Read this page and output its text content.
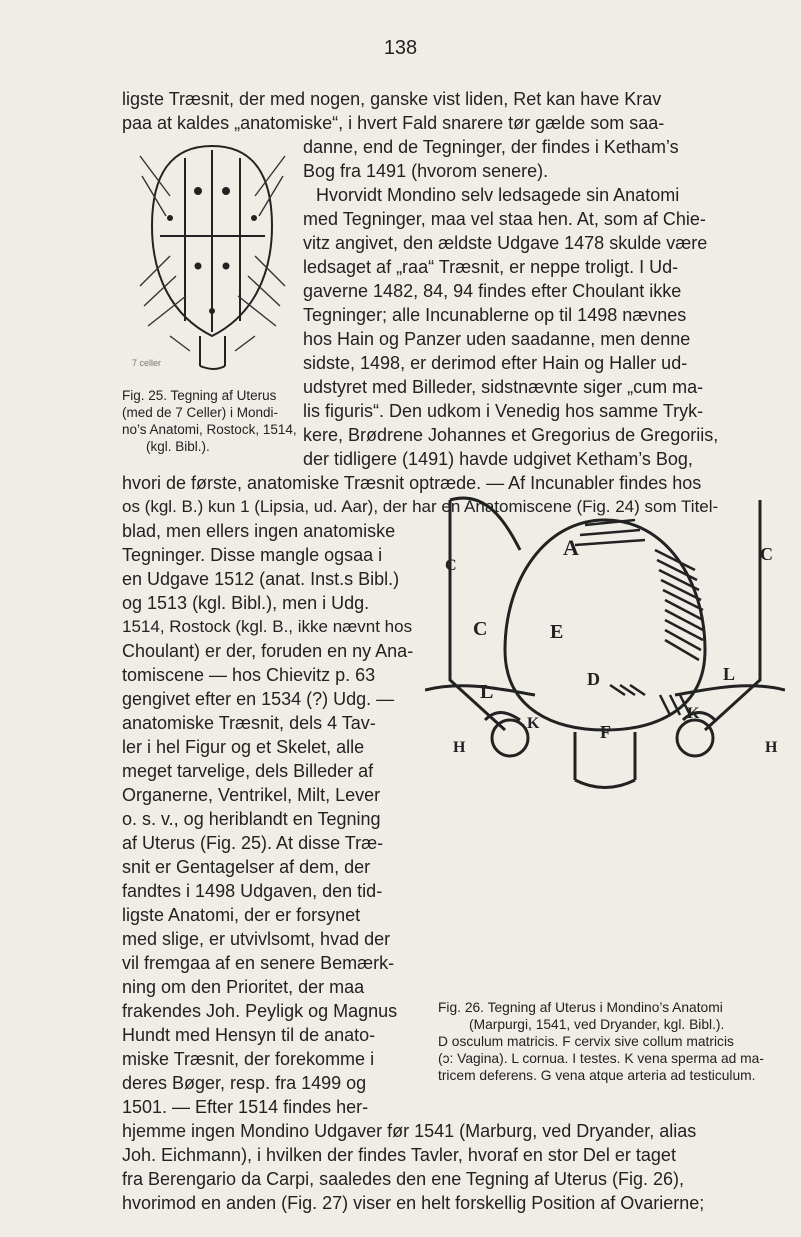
138
ligste Træsnit, der med nogen, ganske vist liden, Ret kan have Krav
paa at kaldes „anatomiske“, i hvert Fald snarere tør gælde som saa-
danne, end de Tegninger, der findes i Ketham’s
Bog fra 1491 (hvorom senere).
Hvorvidt Mondino selv ledsagede sin Anatomi
med Tegninger, maa vel staa hen. At, som af Chie-
vitz angivet, den ældste Udgave 1478 skulde være
ledsaget af „raa“ Træsnit, er neppe troligt. I Ud-
gaverne 1482, 84, 94 findes efter Choulant ikke
Tegninger; alle Incunablerne op til 1498 nævnes
hos Hain og Panzer uden saadanne, men denne
sidste, 1498, er derimod efter Hain og Haller ud-
udstyret med Billeder, sidstnævnte siger „cum ma-
lis figuris“. Den udkom i Venedig hos samme Tryk-
kere, Brødrene Johannes et Gregorius de Gregoriis,
der tidligere (1491) havde udgivet Ketham’s Bog,
7 celler
Fig. 25. Tegning af Uterus
(med de 7 Celler) i Mondi-
no’s Anatomi, Rostock, 1514,
(kgl. Bibl.).
hvori de første, anatomiske Træsnit optræde. — Af Incunabler findes hos
os (kgl. B.) kun 1 (Lipsia, ud. Aar), der har en Anatomiscene (Fig. 24) som Titel-
blad, men ellers ingen anatomiske
Tegninger. Disse mangle ogsaa i
en Udgave 1512 (anat. Inst.s Bibl.)
og 1513 (kgl. Bibl.), men i Udg.
1514, Rostock (kgl. B., ikke nævnt hos
Choulant) er der, foruden en ny Ana-
tomiscene — hos Chievitz p. 63
gengivet efter en 1534 (?) Udg. —
anatomiske Træsnit, dels 4 Tav-
ler i hel Figur og et Skelet, alle
meget tarvelige, dels Billeder af
Organerne, Ventrikel, Milt, Lever
o. s. v., og heriblandt en Tegning
af Uterus (Fig. 25). At disse Træ-
snit er Gentagelser af dem, der
fandtes i 1498 Udgaven, den tid-
ligste Anatomi, der er forsynet
med slige, er utvivlsomt, hvad der
vil fremgaa af en senere Bemærk-
ning om den Prioritet, der maa
frakendes Joh. Peyligk og Magnus
Hundt med Hensyn til de anato-
miske Træsnit, der forekomme i
deres Bøger, resp. fra 1499 og
1501. — Efter 1514 findes her-
A
C
C
C	E
D
L
L
H	H
K
K
F
Fig. 26. Tegning af Uterus i Mondino’s Anatomi
(Marpurgi, 1541, ved Dryander, kgl. Bibl.).
D osculum matricis. F cervix sive collum matricis
(ɔ: Vagina). L cornua. I testes. K vena sperma ad ma-
tricem deferens. G vena atque arteria ad testiculum.
hjemme ingen Mondino Udgaver før 1541 (Marburg, ved Dryander, alias
Joh. Eichmann), i hvilken der findes Tavler, hvoraf en stor Del er taget
fra Berengario da Carpi, saaledes den ene Tegning af Uterus (Fig. 26),
hvorimod en anden (Fig. 27) viser en helt forskellig Position af Ovarierne;
